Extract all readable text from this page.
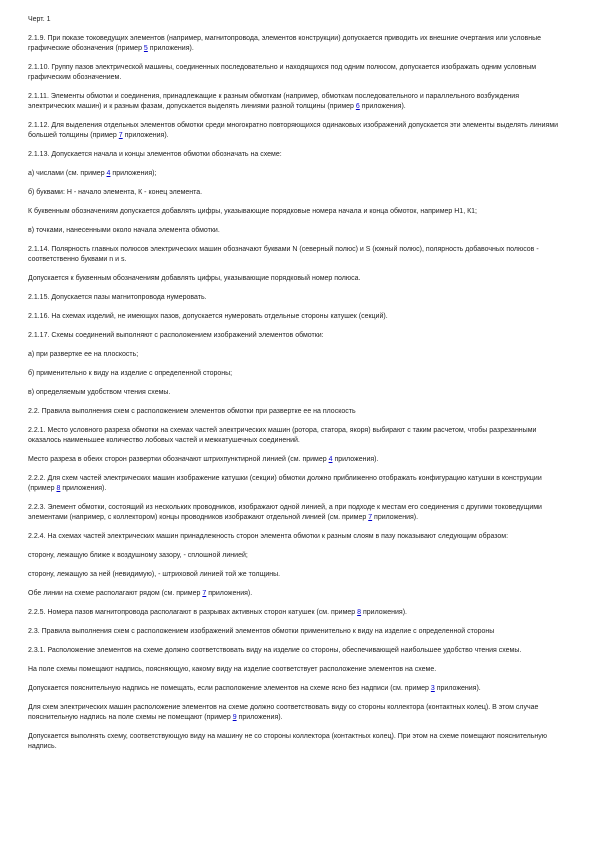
Черт. 1

2.1.9. При показе токоведущих элементов (например, магнитопровода, элементов конструкции) допускается приводить их внешние очертания или условные графические обозначения (пример 5 приложения).

2.1.10. Группу пазов электрической машины, соединенных последовательно и находящихся под одним полюсом, допускается изображать одним условным графическим обозначением.

2.1.11. Элементы обмотки и соединения, принадлежащие к разным обмоткам (например, обмоткам последовательного и параллельного возбуждения электрических машин) и к разным фазам, допускается выделять линиями разной толщины (пример 6 приложения).

2.1.12. Для выделения отдельных элементов обмотки среди многократно повторяющихся одинаковых изображений допускается эти элементы выделять линиями большей толщины (пример 7 приложения).

2.1.13. Допускается начала и концы элементов обмотки обозначать на схеме:

а) числами (см. пример 4 приложения);

б) буквами: Н - начало элемента, К - конец элемента.

К буквенным обозначениям допускается добавлять цифры, указывающие порядковые номера начала и конца обмоток, например Н1, К1;

в) точками, нанесенными около начала элемента обмотки.

2.1.14. Полярность главных полюсов электрических машин обозначают буквами N (северный полюс) и S (южный полюс), полярность добавочных полюсов - соответственно буквами n и s.

Допускается к буквенным обозначениям добавлять цифры, указывающие порядковый номер полюса.

2.1.15. Допускается пазы магнитопровода нумеровать.

2.1.16. На схемах изделий, не имеющих пазов, допускается нумеровать отдельные стороны катушек (секций).

2.1.17. Схемы соединений выполняют с расположением изображений элементов обмотки:

а) при развертке ее на плоскость;

б) применительно к виду на изделие с определенной стороны;

в) определяемым удобством чтения схемы.

2.2. Правила выполнения схем с расположением элементов обмотки при развертке ее на плоскость

2.2.1. Место условного разреза обмотки на схемах частей электрических машин (ротора, статора, якоря) выбирают с таким расчетом, чтобы разрезанными оказалось наименьшее количество лобовых частей и межкатушечных соединений.

Место разреза в обеих сторон развертки обозначают штрихпунктирной линией (см. пример 4 приложения).

2.2.2. Для схем частей электрических машин изображение катушки (секции) обмотки должно приближенно отображать конфигурацию катушки в конструкции (пример 8 приложения).

2.2.3. Элемент обмотки, состоящий из нескольких проводников, изображают одной линией, а при подходе к местам его соединения с другими токоведущими элементами (например, с коллектором) концы проводников изображают отдельной линией (см. пример 7 приложения).

2.2.4. На схемах частей электрических машин принадлежность сторон элемента обмотки к разным слоям в пазу показывают следующим образом:

сторону, лежащую ближе к воздушному зазору, - сплошной линией;

сторону, лежащую за ней (невидимую), - штриховой линией той же толщины.

Обе линии на схеме располагают рядом (см. пример 7 приложения).

2.2.5. Номера пазов магнитопровода располагают в разрывах активных сторон катушек (см. пример 8 приложения).

2.3. Правила выполнения схем с расположением изображений элементов обмотки применительно к виду на изделие с определенной стороны

2.3.1. Расположение элементов на схеме должно соответствовать виду на изделие со стороны, обеспечивающей наибольшее удобство чтения схемы.

На поле схемы помещают надпись, поясняющую, какому виду на изделие соответствует расположение элементов на схеме.

Допускается пояснительную надпись не помещать, если расположение элементов на схеме ясно без надписи (см. пример 3 приложения).

Для схем электрических машин расположение элементов на схеме должно соответствовать виду со стороны коллектора (контактных колец). В этом случае пояснительную надпись на поле схемы не помещают (пример 9 приложения).

Допускается выполнять схему, соответствующую виду на машину не со стороны коллектора (контактных колец). При этом на схеме помещают пояснительную надпись.
